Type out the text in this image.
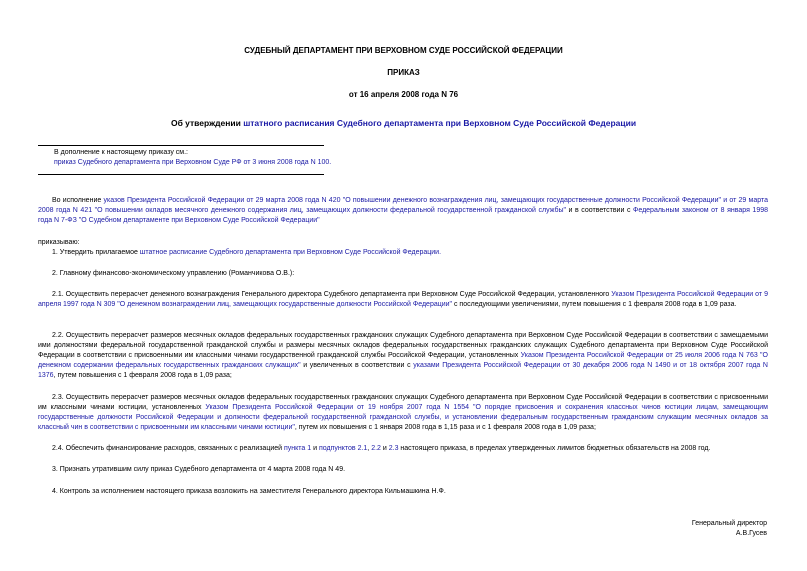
СУДЕБНЫЙ ДЕПАРТАМЕНТ ПРИ ВЕРХОВНОМ СУДЕ РОССИЙСКОЙ ФЕДЕРАЦИИ
ПРИКАЗ
от 16 апреля 2008 года N 76
Об утверждении штатного расписания Судебного департамента при Верховном Суде Российской Федерации
В дополнение к настоящему приказу см.:
приказ Судебного департамента при Верховном Суде РФ от 3 июня 2008 года N 100.
Во исполнение указов Президента Российской Федерации от 29 марта 2008 года N 420 "О повышении денежного вознаграждения лиц, замещающих государственные должности Российской Федерации" и от 29 марта 2008 года N 421 "О повышении окладов месячного денежного содержания лиц, замещающих должности федеральной государственной гражданской службы" и в соответствии с Федеральным законом от 8 января 1998 года N 7-ФЗ "О Судебном департаменте при Верховном Суде Российской Федерации"
приказываю:
1. Утвердить прилагаемое штатное расписание Судебного департамента при Верховном Суде Российской Федерации.
2. Главному финансово-экономическому управлению (Романчикова О.В.):
2.1. Осуществить перерасчет денежного вознаграждения Генерального директора Судебного департамента при Верховном Суде Российской Федерации, установленного Указом Президента Российской Федерации от 9 апреля 1997 года N 309 "О денежном вознаграждении лиц, замещающих государственные должности Российской Федерации" с последующими увеличениями, путем повышения с 1 февраля 2008 года в 1,09 раза.
2.2. Осуществить перерасчет размеров месячных окладов федеральных государственных гражданских служащих Судебного департамента при Верховном Суде Российской Федерации в соответствии с замещаемыми ими должностями федеральной государственной гражданской службы и размеры месячных окладов федеральных государственных гражданских служащих Судебного департамента при Верховном Суде Российской Федерации в соответствии с присвоенными им классными чинами государственной гражданской службы Российской Федерации, установленных Указом Президента Российской Федерации от 25 июля 2006 года N 763 "О денежном содержании федеральных государственных гражданских служащих" и увеличенных в соответствии с указами Президента Российской Федерации от 30 декабря 2006 года N 1490 и от 18 октября 2007 года N 1376, путем повышения с 1 февраля 2008 года в 1,09 раза;
2.3. Осуществить перерасчет размеров месячных окладов федеральных государственных гражданских служащих Судебного департамента при Верховном Суде Российской Федерации в соответствии с присвоенными им классными чинами юстиции, установленных Указом Президента Российской Федерации от 19 ноября 2007 года N 1554 "О порядке присвоения и сохранения классных чинов юстиции лицам, замещающим государственные должности Российской Федерации и должности федеральной государственной гражданской службы, и установлении федеральным государственным гражданским служащим месячных окладов за классный чин в соответствии с присвоенными им классными чинами юстиции", путем их повышения с 1 января 2008 года в 1,15 раза и с 1 февраля 2008 года в 1,09 раза;
2.4. Обеспечить финансирование расходов, связанных с реализацией пункта 1 и подпунктов 2.1, 2.2 и 2.3 настоящего приказа, в пределах утвержденных лимитов бюджетных обязательств на 2008 год.
3. Признать утратившим силу приказ Судебного департамента от 4 марта 2008 года N 49.
4. Контроль за исполнением настоящего приказа возложить на заместителя Генерального директора Кильмашкина Н.Ф.
Генеральный директор
А.В.Гусев
